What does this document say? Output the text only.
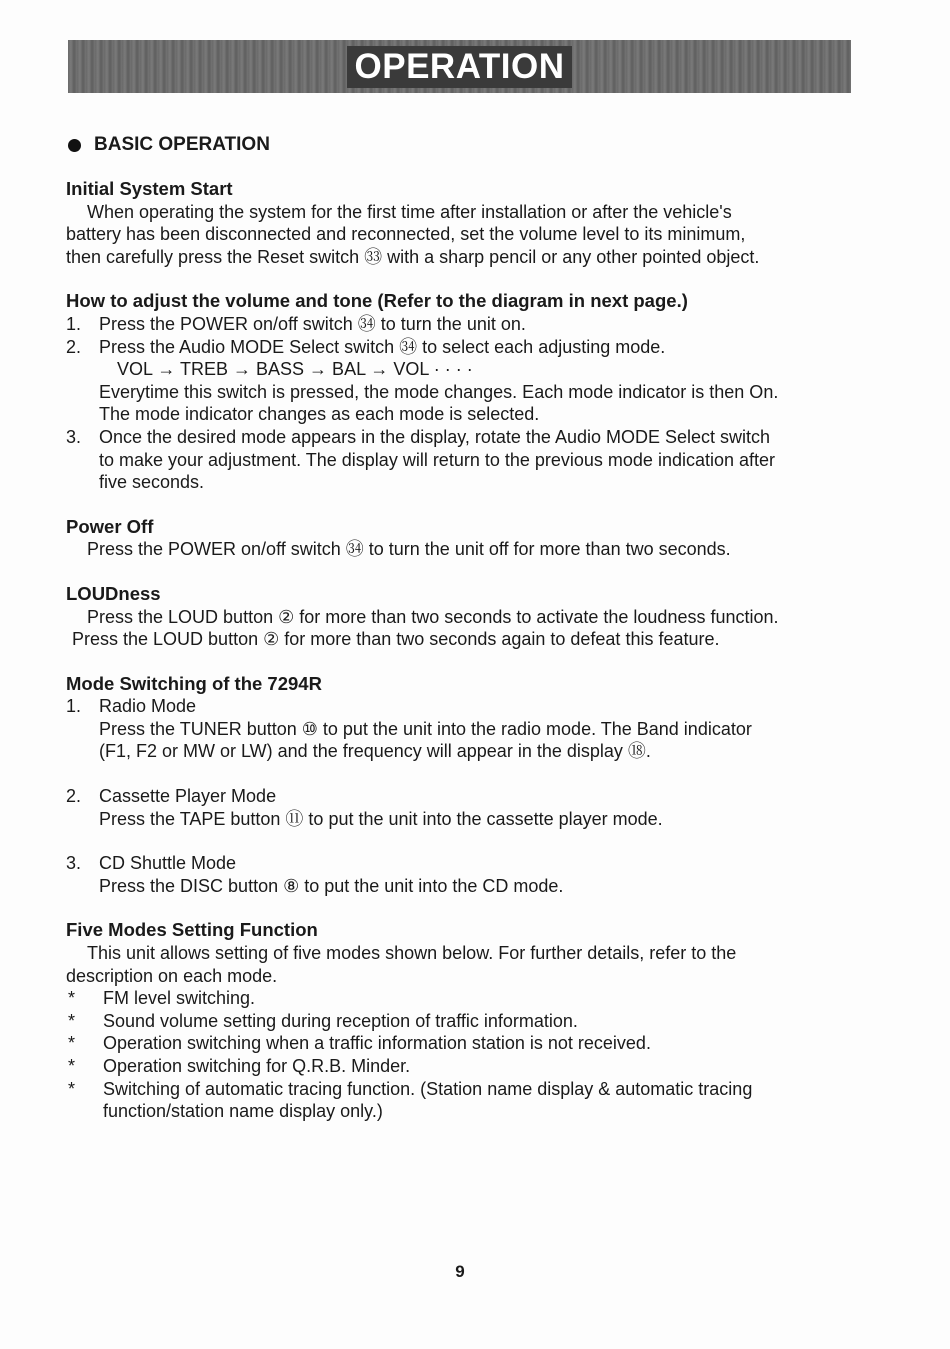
OPERATION
BASIC OPERATION
Initial System Start

When operating the system for the first time after installation or after the vehicle's

battery has been disconnected and reconnected, set the volume level to its minimum,

then carefully press the Reset switch ㉝ with a sharp pencil or any other pointed object.

How to adjust the volume and tone (Refer to the diagram in next page.)
1. Press the POWER on/off switch ㉞ to turn the unit on.

2. Press the Audio MODE Select switch ㉞ to select each adjusting mode.

VOL → TREB → BASS → BAL → VOL · · · ·

Everytime this switch is pressed, the mode changes. Each mode indicator is then On.

The mode indicator changes as each mode is selected.

3. Once the desired mode appears in the display, rotate the Audio MODE Select switch

to make your adjustment. The display will return to the previous mode indication after

five seconds.

Power Off

Press the POWER on/off switch ㉞ to turn the unit off for more than two seconds.

LOUDness

Press the LOUD button ② for more than two seconds to activate the loudness function.

Press the LOUD button ② for more than two seconds again to defeat this feature.

Mode Switching of the 7294R
1. Radio Mode

Press the TUNER button ⑩ to put the unit into the radio mode. The Band indicator

(F1, F2 or MW or LW) and the frequency will appear in the display ⑱.

2. Cassette Player Mode

Press the TAPE button ⑪ to put the unit into the cassette player mode.

3. CD Shuttle Mode

Press the DISC button ⑧ to put the unit into the CD mode.

Five Modes Setting Function

This unit allows setting of five modes shown below. For further details, refer to the

description on each mode.

*	FM level switching.

*	Sound volume setting during reception of traffic information.

*	Operation switching when a traffic information station is not received.

*	Operation switching for Q.R.B. Minder.

*	Switching of automatic tracing function. (Station name display & automatic tracing

function/station name display only.)

9
